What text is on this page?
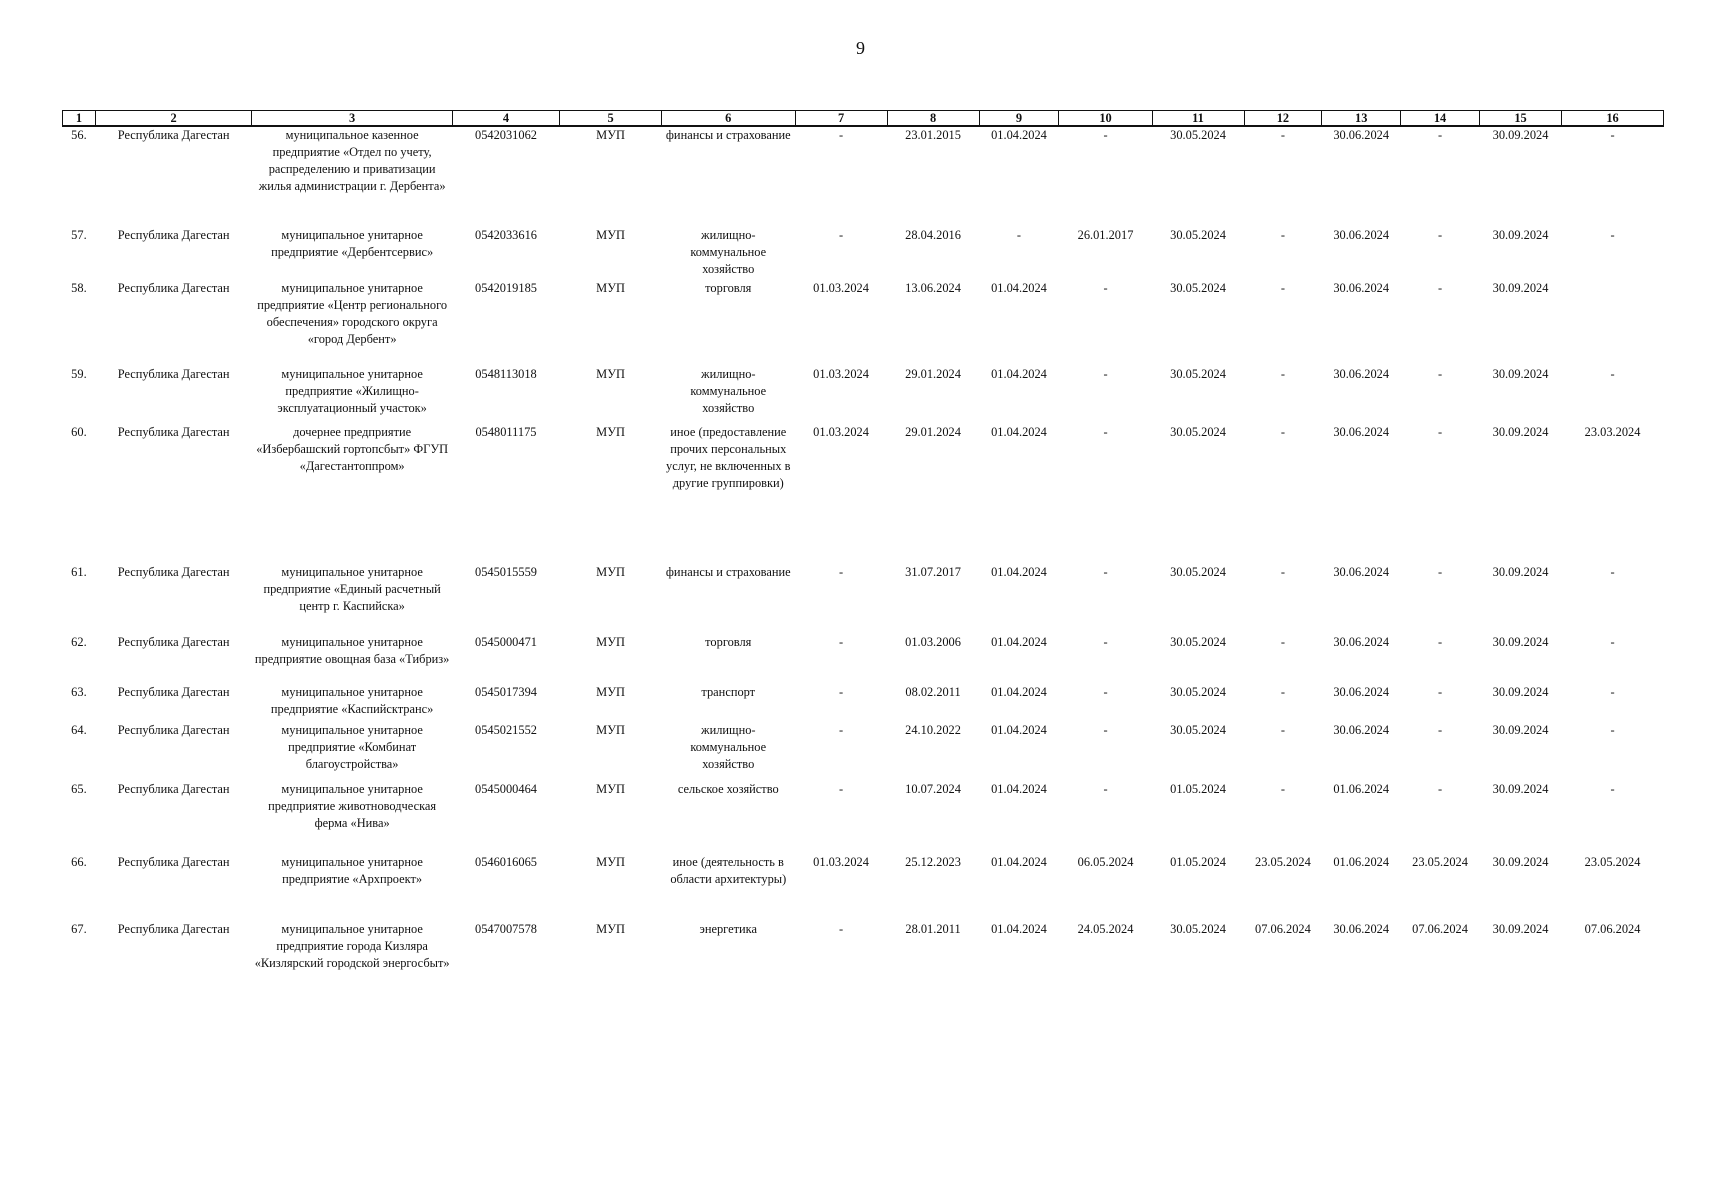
9
1	2	3	4	5	6	7	8	9	10	11	12	13	14	15	16
56.	Республика Дагестан	муниципальное казенное предприятие «Отдел по учету, распределению и приватизации жилья администрации г. Дербента»	0542031062	МУП	финансы и страхование	-	23.01.2015	01.04.2024	-	30.05.2024	-	30.06.2024	-	30.09.2024	-
57.	Республика Дагестан	муниципальное унитарное предприятие «Дербентсервис»	0542033616	МУП	жилищно-коммунальное хозяйство	-	28.04.2016	-	26.01.2017	30.05.2024	-	30.06.2024	-	30.09.2024	-
58.	Республика Дагестан	муниципальное унитарное предприятие «Центр регионального обеспечения» городского округа «город Дербент»	0542019185	МУП	торговля	01.03.2024	13.06.2024	01.04.2024	-	30.05.2024	-	30.06.2024	-	30.09.2024	
59.	Республика Дагестан	муниципальное унитарное предприятие «Жилищно-эксплуатационный участок»	0548113018	МУП	жилищно-коммунальное хозяйство	01.03.2024	29.01.2024	01.04.2024	-	30.05.2024	-	30.06.2024	-	30.09.2024	-
60.	Республика Дагестан	дочернее предприятие «Избербашский гортопсбыт» ФГУП «Дагестантоппром»	0548011175	МУП	иное (предоставление прочих персональных услуг, не включенных в другие группировки)	01.03.2024	29.01.2024	01.04.2024	-	30.05.2024	-	30.06.2024	-	30.09.2024	23.03.2024
61.	Республика Дагестан	муниципальное унитарное предприятие «Единый расчетный центр г. Каспийска»	0545015559	МУП	финансы и страхование	-	31.07.2017	01.04.2024	-	30.05.2024	-	30.06.2024	-	30.09.2024	-
62.	Республика Дагестан	муниципальное унитарное предприятие овощная база «Тибриз»	0545000471	МУП	торговля	-	01.03.2006	01.04.2024	-	30.05.2024	-	30.06.2024	-	30.09.2024	-
63.	Республика Дагестан	муниципальное унитарное предприятие «Каспийсктранс»	0545017394	МУП	транспорт	-	08.02.2011	01.04.2024	-	30.05.2024	-	30.06.2024	-	30.09.2024	-
64.	Республика Дагестан	муниципальное унитарное предприятие «Комбинат благоустройства»	0545021552	МУП	жилищно-коммунальное хозяйство	-	24.10.2022	01.04.2024	-	30.05.2024	-	30.06.2024	-	30.09.2024	-
65.	Республика Дагестан	муниципальное унитарное предприятие животноводческая ферма «Нива»	0545000464	МУП	сельское хозяйство	-	10.07.2024	01.04.2024	-	01.05.2024	-	01.06.2024	-	30.09.2024	-
66.	Республика Дагестан	муниципальное унитарное предприятие «Архпроект»	0546016065	МУП	иное (деятельность в области архитектуры)	01.03.2024	25.12.2023	01.04.2024	06.05.2024	01.05.2024	23.05.2024	01.06.2024	23.05.2024	30.09.2024	23.05.2024
67.	Республика Дагестан	муниципальное унитарное предприятие города Кизляра «Кизлярский городской энергосбыт»	0547007578	МУП	энергетика	-	28.01.2011	01.04.2024	24.05.2024	30.05.2024	07.06.2024	30.06.2024	07.06.2024	30.09.2024	07.06.2024
